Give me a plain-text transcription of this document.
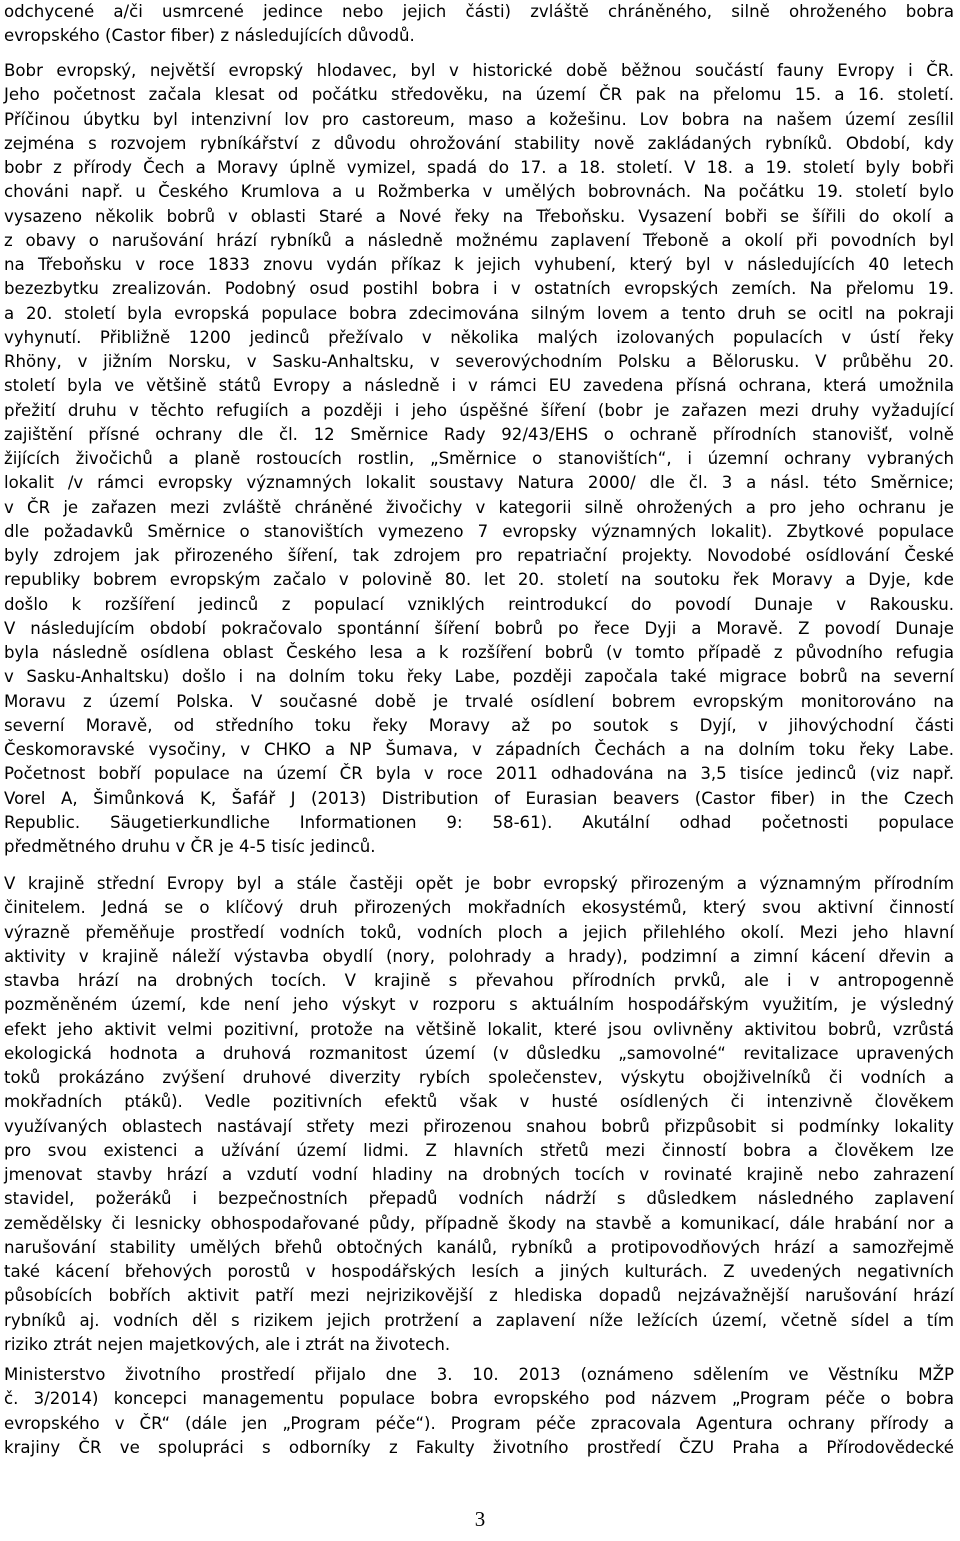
odchycené a/či usmrcené jedince nebo jejich části) zvláště chráněného, silně ohroženého bobra
evropského (Castor fiber) z následujících důvodů.
Bobr evropský, největší evropský hlodavec, byl v historické době běžnou součástí fauny Evropy i ČR.
Jeho početnost začala klesat od počátku středověku, na území ČR pak na přelomu 15. a 16. století.
Příčinou úbytku byl intenzivní lov pro castoreum, maso a kožešinu. Lov bobra na našem území zesílil
zejména s rozvojem rybníkářství z důvodu ohrožování stability nově zakládaných rybníků. Období, kdy
bobr z přírody Čech a Moravy úplně vymizel, spadá do 17. a 18. století. V 18. a 19. století byly bobři
chováni např. u Českého Krumlova a u Rožmberka v umělých bobrovnách. Na počátku 19. století bylo
vysazeno několik bobrů v oblasti Staré a Nové řeky na Třeboňsku. Vysazení bobři se šířili do okolí a
z obavy o narušování hrází rybníků a následně možnému zaplavení Třeboně a okolí při povodních byl
na Třeboňsku v roce 1833 znovu vydán příkaz k jejich vyhubení, který byl v následujících 40 letech
bezezbytku zrealizován. Podobný osud postihl bobra i v ostatních evropských zemích. Na přelomu 19.
a 20. století byla evropská populace bobra zdecimována silným lovem a tento druh se ocitl na pokraji
vyhynutí. Přibližně 1200 jedinců přežívalo v několika malých izolovaných populacích v ústí řeky
Rhöny, v jižním Norsku, v Sasku-Anhaltsku, v severovýchodním Polsku a Bělorusku. V průběhu 20.
století byla ve většině států Evropy a následně i v rámci EU zavedena přísná ochrana, která umožnila
přežití druhu v těchto refugiích a později i jeho úspěšné šíření (bobr je zařazen mezi druhy vyžadující
zajištění přísné ochrany dle čl. 12 Směrnice Rady 92/43/EHS o ochraně přírodních stanovišť, volně
žijících živočichů a planě rostoucích rostlin, „Směrnice o stanovištích“, i územní ochrany vybraných
lokalit /v rámci evropsky významných lokalit soustavy Natura 2000/ dle čl. 3 a násl. této Směrnice;
v ČR je zařazen mezi zvláště chráněné živočichy v kategorii silně ohrožených a pro jeho ochranu je
dle požadavků Směrnice o stanovištích vymezeno 7 evropsky významných lokalit). Zbytkové populace
byly zdrojem jak přirozeného šíření, tak zdrojem pro repatriační projekty. Novodobé osídlování České
republiky bobrem evropským začalo v polovině 80. let 20. století na soutoku řek Moravy a Dyje, kde
došlo k rozšíření jedinců z populací vzniklých reintrodukcí do povodí Dunaje v Rakousku.
V následujícím období pokračovalo spontánní šíření bobrů po řece Dyji a Moravě. Z povodí Dunaje
byla následně osídlena oblast Českého lesa a k rozšíření bobrů (v tomto případě z původního refugia
v Sasku-Anhaltsku) došlo i na dolním toku řeky Labe, později započala také migrace bobrů na severní
Moravu z území Polska. V současné době je trvalé osídlení bobrem evropským monitorováno na
severní Moravě, od středního toku řeky Moravy až po soutok s Dyjí, v jihovýchodní části
Českomoravské vysočiny, v CHKO a NP Šumava, v západních Čechách a na dolním toku řeky Labe.
Početnost bobří populace na území ČR byla v roce 2011 odhadována na 3,5 tisíce jedinců (viz např.
Vorel A, Šimůnková K, Šafář J (2013) Distribution of Eurasian beavers (Castor fiber) in the Czech
Republic. Säugetierkundliche Informationen 9: 58-61). Akutální odhad početnosti populace
předmětného druhu v ČR je 4-5 tisíc jedinců.
V krajině střední Evropy byl a stále častěji opět je bobr evropský přirozeným a významným přírodním
činitelem. Jedná se o klíčový druh přirozených mokřadních ekosystémů, který svou aktivní činností
výrazně přeměňuje prostředí vodních toků, vodních ploch a jejich přilehlého okolí. Mezi jeho hlavní
aktivity v krajině náleží výstavba obydlí (nory, polohrady a hrady), podzimní a zimní kácení dřevin a
stavba hrází na drobných tocích. V krajině s převahou přírodních prvků, ale i v antropogenně
pozměněném území, kde není jeho výskyt v rozporu s aktuálním hospodářským využitím, je výsledný
efekt jeho aktivit velmi pozitivní, protože na většině lokalit, které jsou ovlivněny aktivitou bobrů, vzrůstá
ekologická hodnota a druhová rozmanitost území (v důsledku „samovolné“ revitalizace upravených
toků prokázáno zvýšení druhové diverzity rybích společenstev, výskytu obojživelníků či vodních a
mokřadních ptáků). Vedle pozitivních efektů však v husté osídlených či intenzivně člověkem
využívaných oblastech nastávají střety mezi přirozenou snahou bobrů přizpůsobit si podmínky lokality
pro svou existenci a užívání území lidmi. Z hlavních střetů mezi činností bobra a člověkem lze
jmenovat stavby hrází a vzdutí vodní hladiny na drobných tocích v rovinaté krajině nebo zahrazení
stavidel, požeráků i bezpečnostních přepadů vodních nádrží s důsledkem následného zaplavení
zemědělsky či lesnicky obhospodařované půdy, případně škody na stavbě a komunikací, dále hrabání nor a
narušování stability umělých břehů obtočných kanálů, rybníků a protipovodňových hrází a samozřejmě
také kácení břehových porostů v hospodářských lesích a jiných kulturách. Z uvedených negativních
působících bobřích aktivit patří mezi nejrizikovější z hlediska dopadů nejzávažnější narušování hrází
rybníků aj. vodních děl s rizikem jejich protržení a zaplavení níže ležících území, včetně sídel a tím
riziko ztrát nejen majetkových, ale i ztrát na životech.
Ministerstvo životního prostředí přijalo dne 3. 10. 2013 (oznámeno sdělením ve Věstníku MŽP
č. 3/2014) koncepci managementu populace bobra evropského pod názvem „Program péče o bobra
evropského v ČR“ (dále jen „Program péče“). Program péče zpracovala Agentura ochrany přírody a
krajiny ČR ve spolupráci s odborníky z Fakulty životního prostředí ČZU Praha a Přírodovědecké
3
